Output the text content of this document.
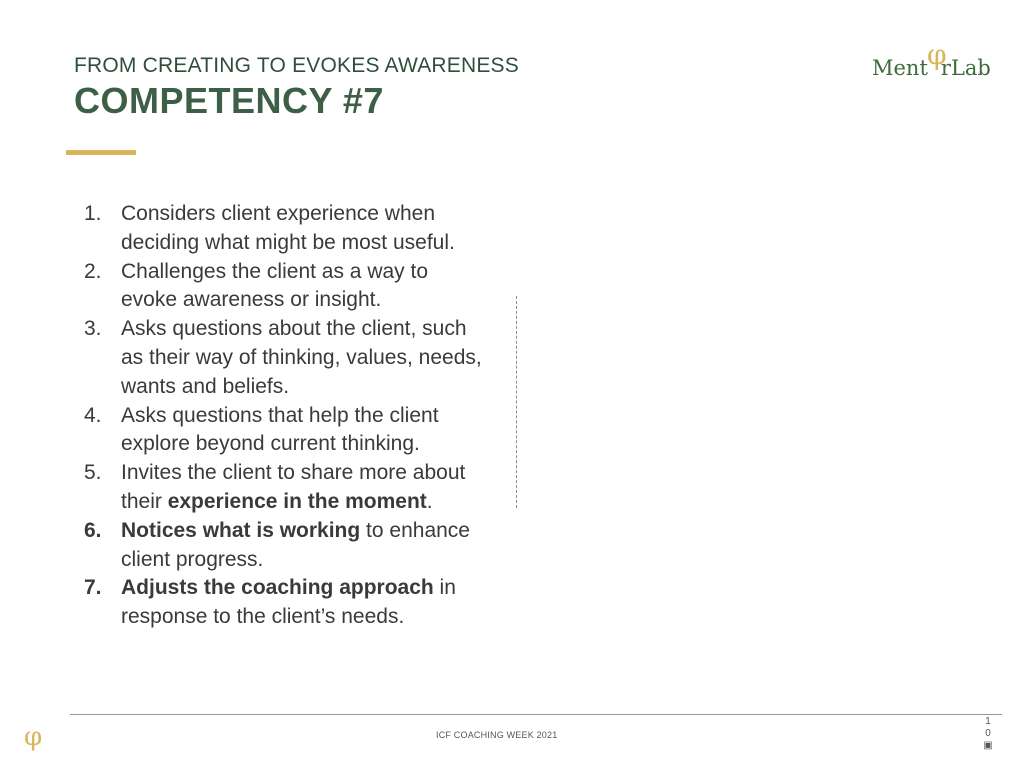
FROM CREATING TO EVOKES AWARENESS
COMPETENCY #7
φ
Ment rLab
1. Considers client experience when deciding what might be most useful.
2. Challenges the client as a way to evoke awareness or insight.
3. Asks questions about the client, such as their way of thinking, values, needs, wants and beliefs.
4. Asks questions that help the client explore beyond current thinking.
5. Invites the client to share more about their experience in the moment.
6. Notices what is working to enhance client progress.
7. Adjusts the coaching approach in response to the client’s needs.
φ	ICF COACHING WEEK 2021
1
0
▣
